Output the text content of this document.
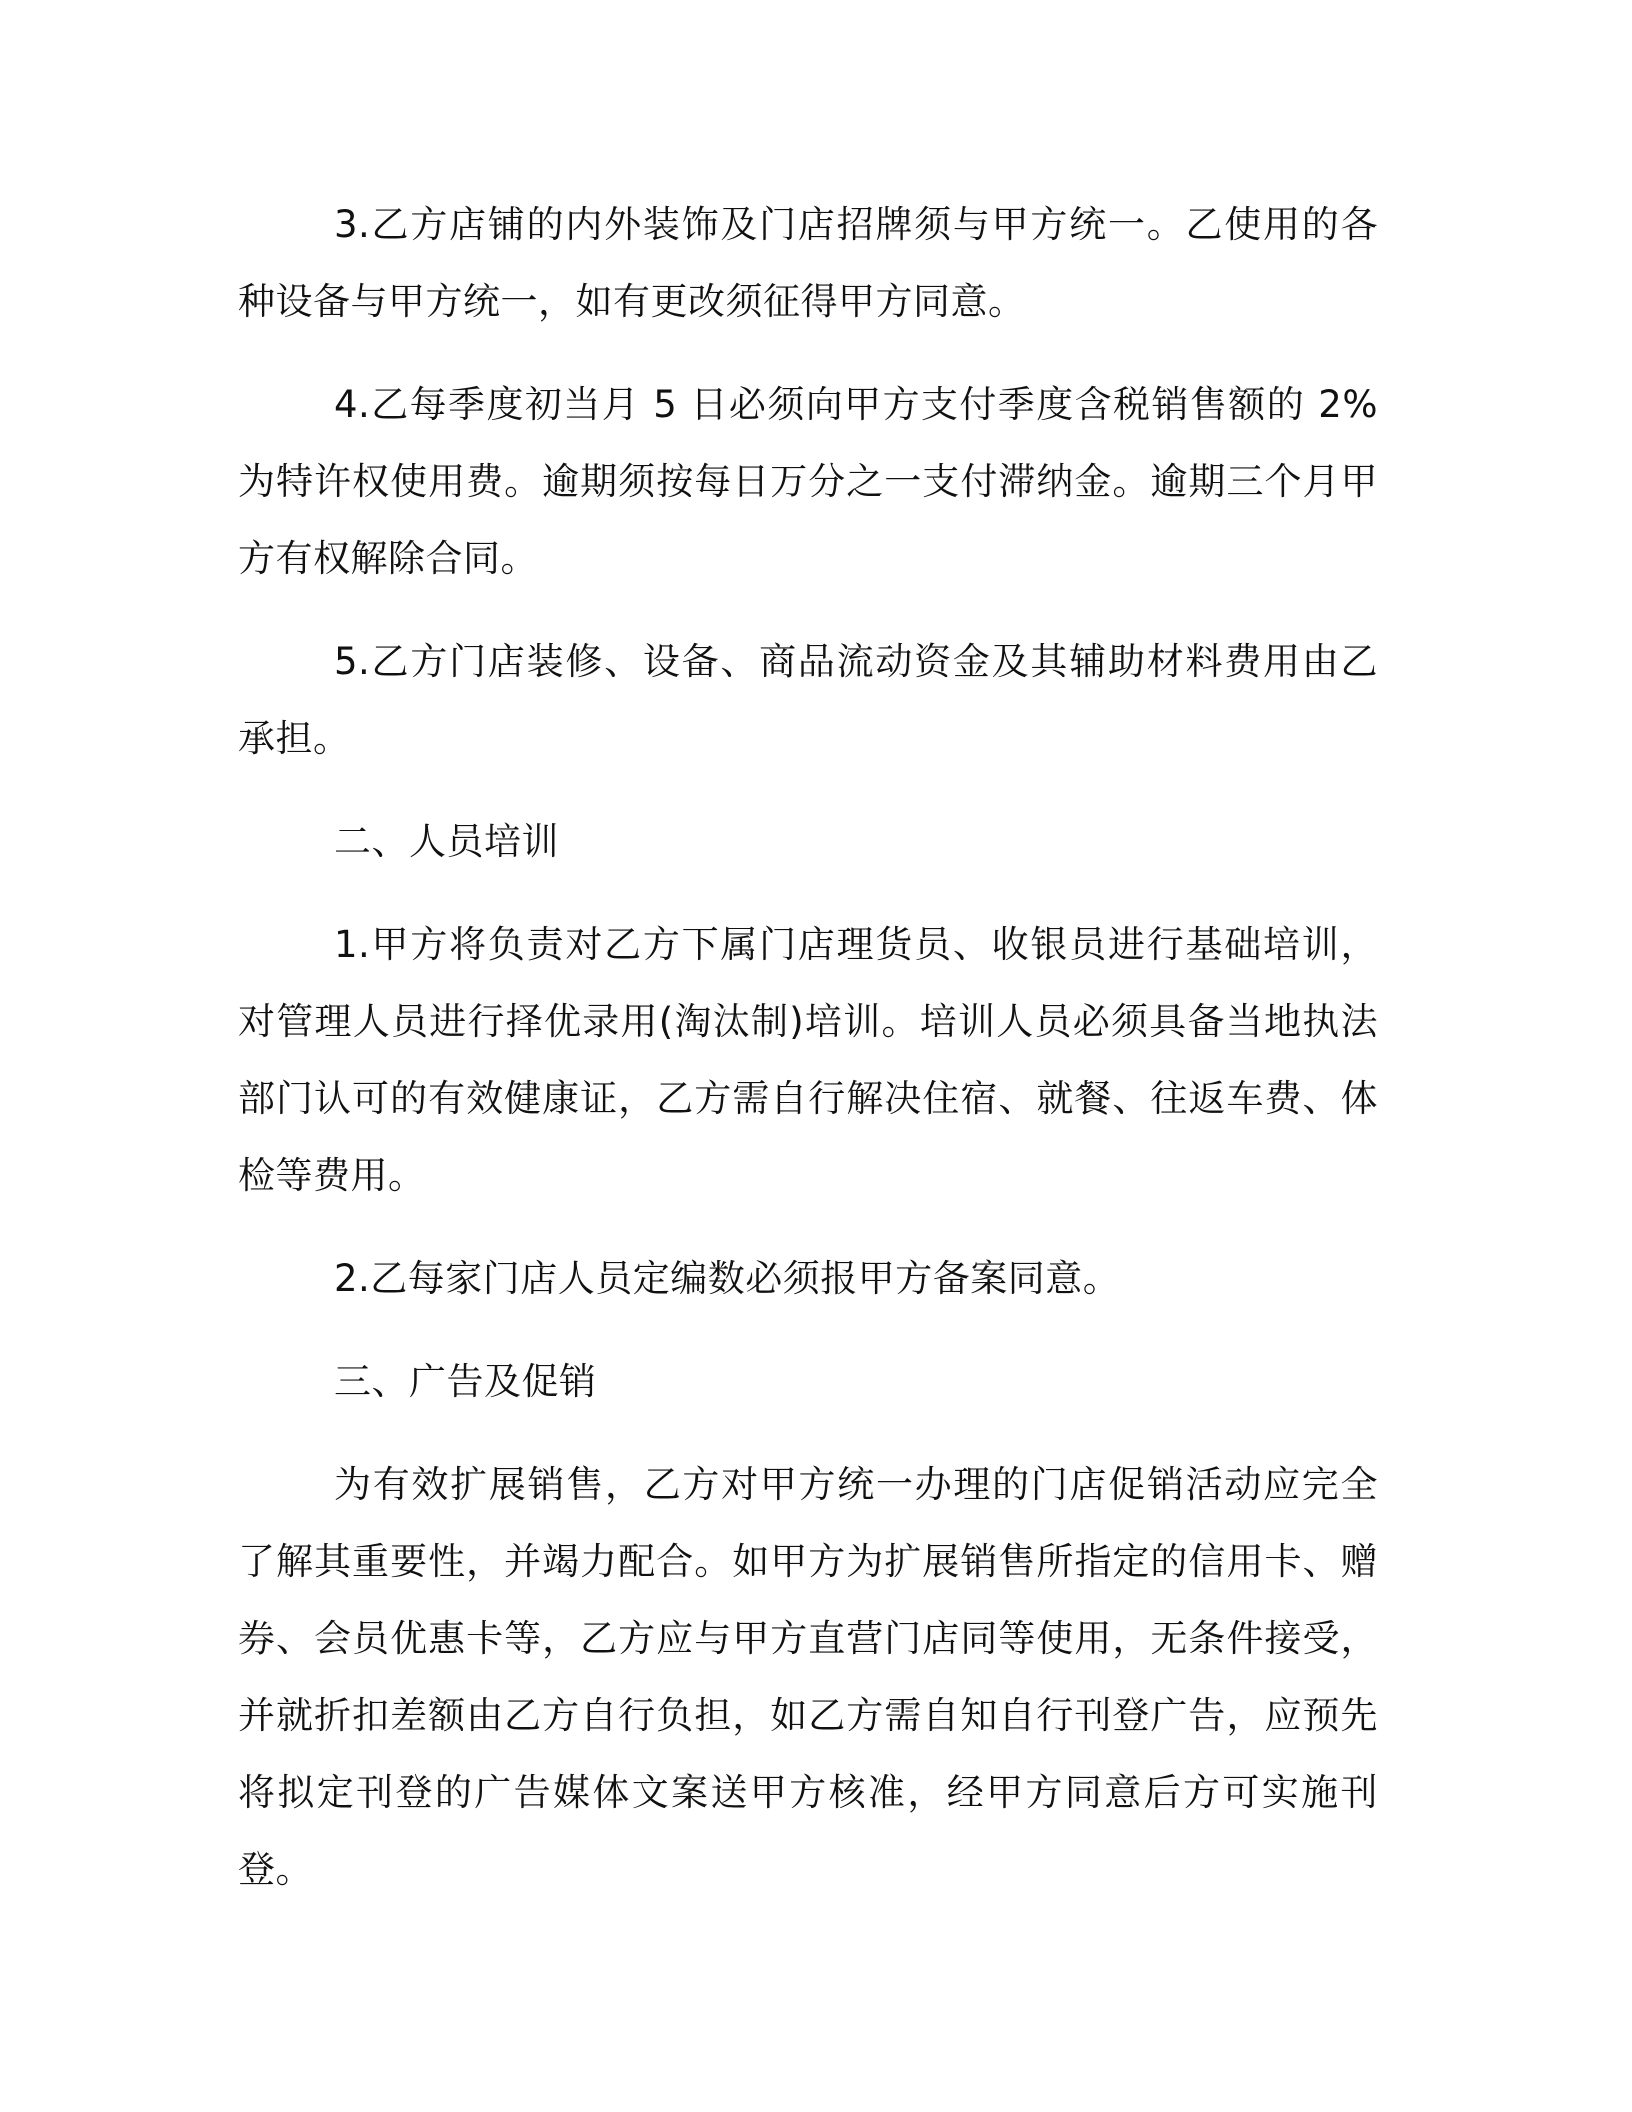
3.乙方店铺的内外装饰及门店招牌须与甲方统一。乙使用的各种设备与甲方统一，如有更改须征得甲方同意。

4.乙每季度初当月 5 日必须向甲方支付季度含税销售额的 2%为特许权使用费。逾期须按每日万分之一支付滞纳金。逾期三个月甲方有权解除合同。

5.乙方门店装修、设备、商品流动资金及其辅助材料费用由乙承担。

二、人员培训

1.甲方将负责对乙方下属门店理货员、收银员进行基础培训，对管理人员进行择优录用(淘汰制)培训。培训人员必须具备当地执法部门认可的有效健康证，乙方需自行解决住宿、就餐、往返车费、体检等费用。

2.乙每家门店人员定编数必须报甲方备案同意。

三、广告及促销

为有效扩展销售，乙方对甲方统一办理的门店促销活动应完全了解其重要性，并竭力配合。如甲方为扩展销售所指定的信用卡、赠券、会员优惠卡等，乙方应与甲方直营门店同等使用，无条件接受，并就折扣差额由乙方自行负担，如乙方需自知自行刊登广告，应预先将拟定刊登的广告媒体文案送甲方核准，经甲方同意后方可实施刊登。
